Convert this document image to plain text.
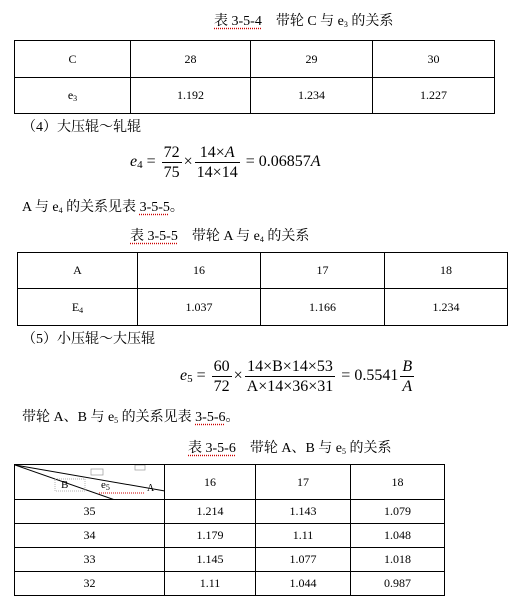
表 3-5-4 带轮 C 与 $e_3$ 的关系
C	28	29	30
$e_3$	1.192	1.234	1.227
（4）大压辊～轧辊
$e4 = \frac{72}{75} \times \frac{14\times A}{14\times 14} = 0.06857A$
A 与 $e_4$ 的关系见表 3-5-5。
表 3-5-5 带轮 A 与 $e_4$ 的关系
A	16	17	18
$E_4$	1.037	1.166	1.234
（5）小压辊～大压辊
$e5 = \frac{60}{72} \times \frac{14\times B\times 14\times 53}{A\times 14\times 36\times 31} = 0.5541 \frac{B}{A}$
带轮 A、B 与 $e_5$ 的关系见表 3-5-6。
表 3-5-6 带轮 A、B 与 $e_5$ 的关系
B $e_5$ A	16	17	18
35	1.214	1.143	1.079
34	1.179	1.11	1.048
33	1.145	1.077	1.018
32	1.11	1.044	0.987
